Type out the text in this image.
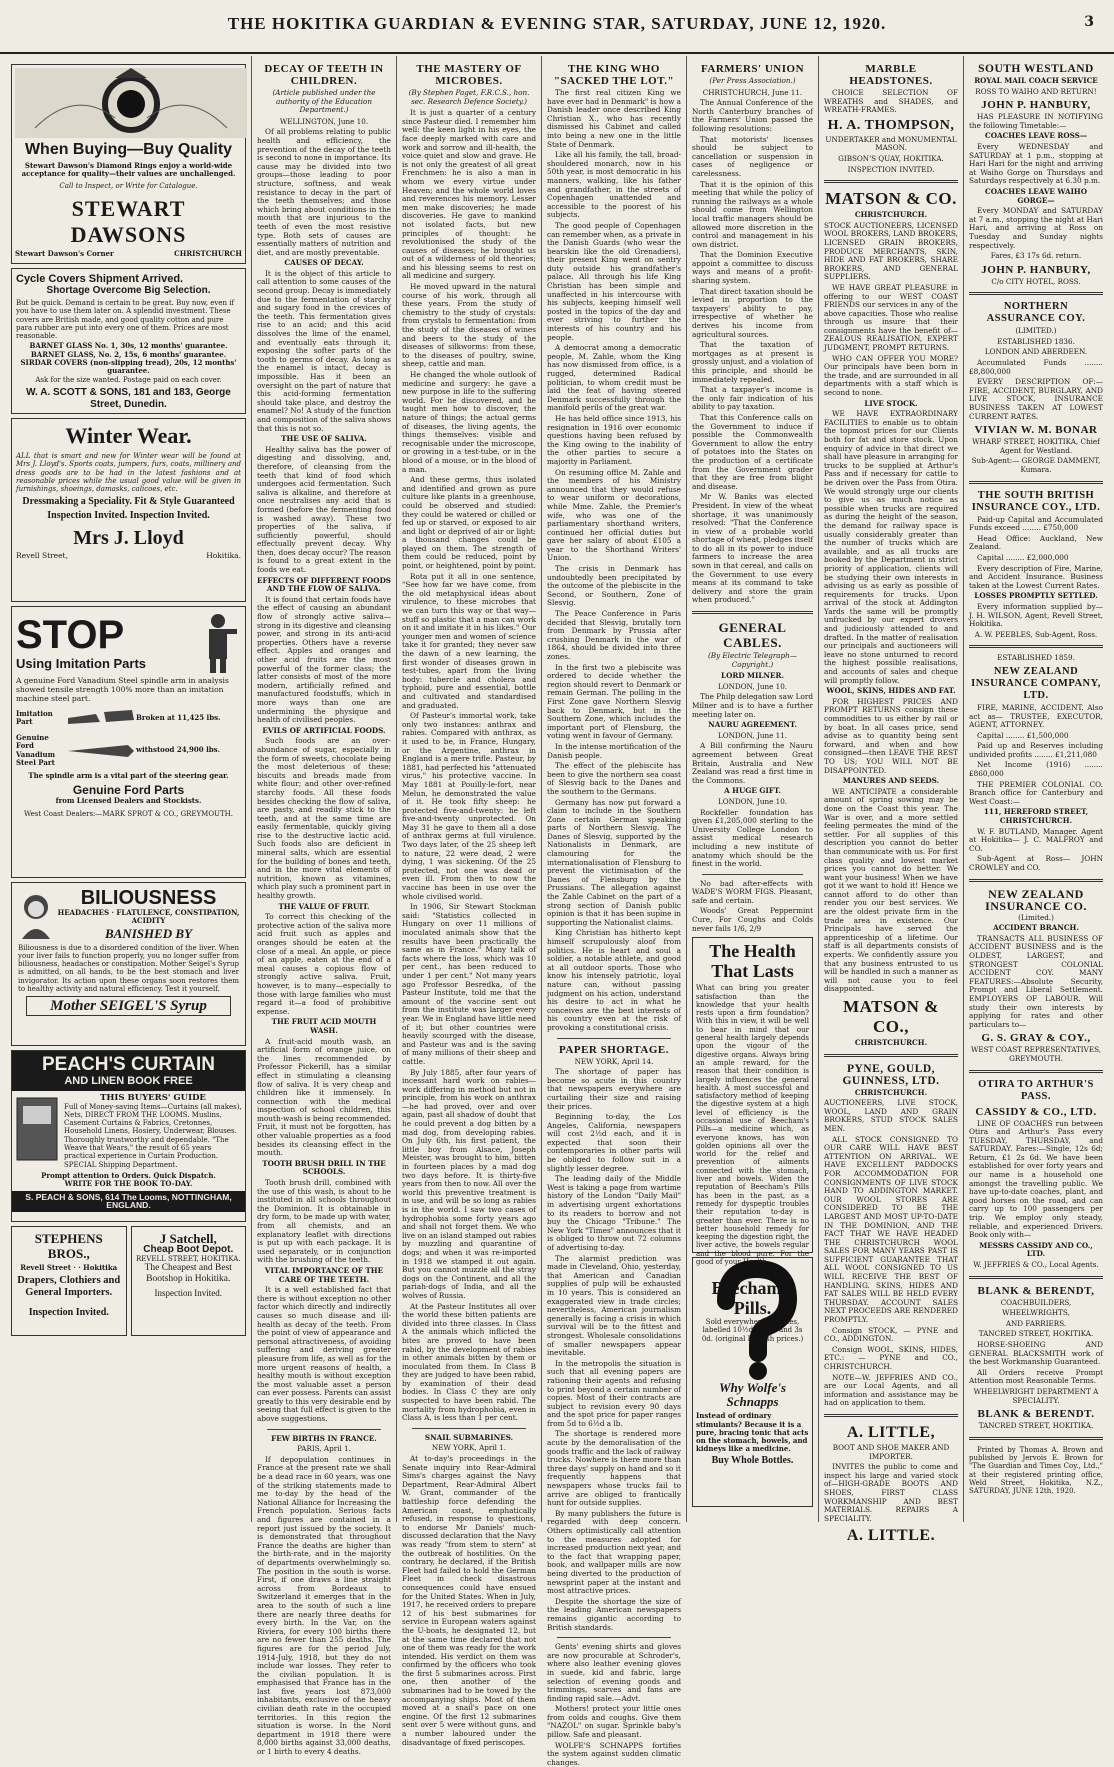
THE HOKITIKA GUARDIAN & EVENING STAR, SATURDAY, JUNE 12, 1920.	3
When Buying—Buy Quality
Stewart Dawson's Diamond Rings enjoy a world-wide acceptance for quality—their values are unchallenged.
Call to Inspect, or Write for Catalogue.
STEWART DAWSONS
Stewart Dawson's Corner	CHRISTCHURCH
Cycle Covers Shipment Arrived.
Shortage Overcome Big Selection.
But be quick. Demand is certain to be great. Buy now, even if you have to use them later on. A splendid investment. These covers are British made, and good quality cotton and pure para rubber are put into every one of them. Prices are most reasonable.
BARNET GLASS No. 1, 30s, 12 months' guarantee.
BARNET GLASS, No. 2, 15s, 6 months' guarantee.
SIRDAR COVERS (non-slipping tread), 20s, 12 months' guarantee.
Ask for the size wanted. Postage paid on each cover.
W. A. SCOTT & SONS, 181 and 183, George Street, Dunedin.
Winter Wear.
ALL that is smart and new for Winter wear will be found at Mrs J. Lloyd's. Sports coats, jumpers, furs, coats, millinery and dress goods are to be had in the latest fashions and at reasonable prices while the usual good value will be given in furnishings, shoeings, damasks, calicoes, etc.
Dressmaking a Speciality. Fit & Style Guaranteed
Inspection Invited. Inspection Invited.
Mrs J. Lloyd
Revell Street,	Hokitika.
STOP
Using Imitation Parts
A genuine Ford Vanadium Steel spindle arm in analysis showed tensile strength 100% more than an imitation machine steel part.
Imitation Part	Broken at 11,425 lbs.
Genuine Ford Vanadium Steel Part
withstood 24,900 lbs.
The spindle arm is a vital part of the steering gear.
Genuine Ford Parts
from Licensed Dealers and Stockists.
West Coast Dealers:—MARK SPROT & CO., GREYMOUTH.
BILIOUSNESS
HEADACHES · FLATULENCE, CONSTIPATION, ACIDITY
BANISHED BY
Biliousness is due to a disordered condition of the liver. When your liver fails to function properly, you no longer suffer from biliousness, headaches or constipation. Mother Seigel's Syrup is admitted, on all hands, to be the best stomach and liver invigorator. Its action upon these organs soon restores them to healthy activity and natural efficiency. Test it yourself.
Mother SEIGEL'S Syrup
PEACH'S CURTAIN
AND LINEN BOOK FREE
THIS BUYERS' GUIDE
Full of Money-saving Items—Curtains (all makes), Nets, DIRECT FROM THE LOOMS. Muslins, Casement Curtains & Fabrics, Cretonnes, Household Linens, Hosiery, Underwear, Blouses. Thoroughly trustworthy and dependable. "The Weave that Wears," the result of 65 years practical experience in Curtain Production. SPECIAL Shipping Department.
Prompt attention to Orders. Quick Dispatch.
WRITE FOR THE BOOK TO-DAY.
S. PEACH & SONS, 614 The Looms, NOTTINGHAM, ENGLAND.
STEPHENS BROS.,
Revell Street · · Hokitika
Drapers, Clothiers and General Importers.
Inspection Invited.
J Satchell,
Cheap Boot Depot.
REVELL STREET, HOKITIKA.
The Cheapest and Best Bootshop in Hokitika.
Inspection Invited.
DECAY OF TEETH IN CHILDREN.
(Article published under the authority of the Education Department.)
WELLINGTON, June 10.
Of all problems relating to public health and efficiency, the prevention of the decay of the teeth is second to none in importance. Its cause may be divided into two groups—those leading to poor structure, softness, and weak resistance to decay in the part of the teeth themselves; and those which bring about conditions in the mouth that are injurious to the teeth of even the most resistive type. Both sets of causes are essentially matters of nutrition and diet, and are mostly preventable.
CAUSES OF DECAY.
It is the object of this article to call attention to some causes of the second group. Decay is immediately due to the fermentation of starchy and sugary food in the crevices of the teeth. This fermentation gives rise to an acid; and this acid dissolves the lime of the enamel, and eventually eats through it, exposing the softer parts of the tooth to germs of decay. As long as the enamel is intact, decay is impossible. Has it been an oversight on the part of nature that this acid-forming fermentation should take place, and destroy the enamel? No! A study of the function and composition of the saliva shows that this is not so.
THE USE OF SALIVA.
Healthy saliva has the power of digesting and dissolving, and, therefore, of cleansing from the teeth that kind of food which undergoes acid fermentation. Such saliva is alkaline, and therefore at once neutralises any acid that is formed (before the fermenting food is washed away). These two properties of the saliva, if sufficiently powerful, should effectually prevent decay. Why then, does decay occur? The reason is found to a great extent in the foods we eat.
EFFECTS OF DIFFERENT FOODS AND THE FLOW OF SALIVA.
It is found that certain foods have the effect of causing an abundant flow of strongly active saliva—strong in its digestive and cleansing power, and strong in its anti-acid properties. Others have a reverse effect. Apples and oranges and other acid fruits are the most powerful of the former class; the latter consists of most of the more modern, artificially refined and manufactured foodstuffs, which in more ways than one are undermining the physique and health of civilised peoples.
EVILS OF ARTIFICIAL FOODS.
Such foods are an over-abundance of sugar, especially in the form of sweets, chocolate being the most deleterious of these; biscuits and breads made from white flour; and other over-refined starchy foods. All these foods besides checking the flow of saliva, are pasty, and readily stick to the teeth, and at the same time are easily fermentable, quickly giving rise to the destructive lactic acid. Such foods also are deficient in mineral salts, which are essential for the building of bones and teeth, and in the more vital elements of nutrition, known as vitamines, which play such a prominent part in healthy growth.
THE VALUE OF FRUIT.
To correct this checking of the protective action of the saliva more acid fruit such as apples and oranges should be eaten at the close of a meal. An apple, or piece of an apple, eaten at the end of a meal causes a copious flow of strongly active saliva. Fruit, however, is to many—especially to those with large families who must regard it—a food of prohibitive expense.
THE FRUIT ACID MOUTH WASH.
A fruit-acid mouth wash, an artificial form of orange juice, on the lines recommended by Professor Pickerill, has a similar effect in stimulating a cleansing flow of saliva. It is very cheap and children like it immensely. In connection with the medical inspection of school children, this mouth-wash is being recommended. Fruit, it must not be forgotten, has other valuable properties as a food besides its cleansing effect in the mouth.
TOOTH BRUSH DRILL IN THE SCHOOLS.
Tooth brush drill, combined with the use of this wash, is about to be instituted in all schools throughout the Dominion. It is obtainable in dry form, to be made up with water, from all chemists, and an explanatory leaflet with directions is put up with each package. It is used separately, or in conjunction with the brushing of the teeth.
VITAL IMPORTANCE OF THE CARE OF THE TEETH.
It is a well established fact that there is without exception no other factor which directly and indirectly causes so much disease and ill-health as decay of the teeth. From the point of view of appearance and personal attractiveness, of avoiding suffering and deriving greater pleasure from life, as well as for the more urgent reasons of health, a healthy mouth is without exception the most valuable asset a person can ever possess. Parents can assist greatly to this very desirable end by seeing that full effect is given to the above suggestions.
FEW BIRTHS IN FRANCE.
PARIS, April 1.
If depopulation continues in France at the present rate we shall be a dead race in 60 years, was one of the striking statements made to me to-day by the head of the National Alliance for Increasing the French population. Serious facts and figures are contained in a report just issued by the society. It is demonstrated that throughout France the deaths are higher than the birth-rate, and in the majority of departments overwhelmingly so. The position in the south is worse. First, if one draws a line straight across from Bordeaux to Switzerland it emerges that in the area to the south of such a line there are nearly three deaths for every birth. In the Var, on the Riviera, for every 100 births there are no fewer than 255 deaths. The figures are for the period July, 1914-July, 1918, but they do not include war losses. They refer to the civilian population. It is emphasised that France has in the last five years lost 873,000 inhabitants, exclusive of the heavy civilian death rate in the occupied territories. In this region the situation is worse. In the Nord department in 1918 there were 8,000 births against 33,000 deaths, or 1 birth to every 4 deaths.
THE MASTERY OF MICROBES.
(By Stephen Paget, F.R.C.S., hon. sec. Research Defence Society.)
It is just a quarter of a century since Pasteur died. I remember him well: the keen light in his eyes, the face deeply marked with care and work and sorrow and ill-health, the voice quiet and slow and grave. He is not only the greatest of all great Frenchmen: he is also a man in whom we every virtue under Heaven; and the whole world loves and reverences his memory. Lesser men make discoveries; he made discoveries. He gave to mankind not isolated facts, but new principles of thought: he revolutionised the study of the causes of diseases; he brought us out of a wilderness of old theories; and his blessing seems to rest on all medicine and surgery.
He moved upward in the natural course of his work, through all these years. From the study of chemistry to the study of crystals: from crystals to fermentation: from the study of the diseases of wines and beers to the study of the diseases of silkworms: from these, to the diseases of poultry, swine, sheep, cattle and man.
He changed the whole outlook of medicine and surgery: he gave a new purpose in life to the suffering world. For he discovered, and he taught men how to discover, the nature of things; the actual germs of diseases, the living agents, the things themselves: visible and recognisable under the microscope, or growing in a test-tube, or in the blood of a mouse, or in the blood of a man.
And these germs, thus isolated and identified and grown as pure culture like plants in a greenhouse, could be observed and studied: they could be watered or chilled or fed up or starved, or exposed to air and light or deprived of air or light: a thousand changes could be played on them. The strength of them could be reduced, point by point, or heightened, point by point.
Rota put it all in one sentence, "See how far we have come, from the old metaphysical ideas about virulence, to these microbes that we can turn this way or that way—stuff so plastic that a man can work on it and imitate it in his likes." Our younger men and women of science take it for granted; they never saw the dawn of a new learning, the first wonder of diseases grown in test-tubes, apart from the living body: tubercle and cholera and typhoid, pure and essential, bottle and cultivated and standardised and graduated.
Of Pasteur's immortal work, take only two instances: anthrax and rabies. Compared with anthrax, as it used to be, in France, Hungary, or the Argentine, anthrax in England is a mere trifle. Pasteur, by 1881, had perfected his "attenuated virus," his protective vaccine. In May 1881 at Pouilly-le-fort, near Melun, he demonstrated the value of it. He took fifty sheep: he protected five-and-twenty: he left five-and-twenty unprotected. On May 31 he gave to them all a dose of anthrax germs at full virulence. Two days later, of the 25 sheep left to nature, 22 were dead, 2 were dying, 1 was sickening. Of the 25 protected, not one was dead or even ill. From then to now the vaccine has been in use over the whole civilised world.
In 1906, Sir Stewart Stockman said: "Statistics collected in Hungary on over 11 millions of inoculated animals show that the results have been practically the same as in France." Many talk of facts where the loss, which was 10 per cent., has been reduced to under 1 per cent." Not many years ago Professor Besredka, of the Pasteur Institute, told me that the amount of the vaccine sent out from the institute was larger every year. We in England have little need of it; but other countries were heavily scourged with the disease, and Pasteur was and is the saving of many millions of their sheep and cattle.
By July 1885, after four years of incessant hard work on rabies—work differing in method but not in principle, from his work on anthrax—he had proved, over and over again, past all shadow of doubt that he could prevent a dog bitten by a mad dog, from developing rabies. On July 6th, his first patient, the little boy from Alsace, Joseph Meister, was brought to him, bitten in fourteen places by a mad dog two days before. It is thirty-five years from then to now. All over the world this preventive treatment is in use, and will be so long as rabies is in the world. I saw two cases of hydrophobia some forty years ago and shall not forget them. We who live on an island stamped out rabies by muzzling and quarantine of dogs; and when it was re-imported in 1918 we stamped it out again. But you cannot muzzle all the stray dogs on the Continent, and all the pariah-dogs of India, and all the wolves of Russia.
At the Pasteur Institutes all over the world these bitten patients are divided into three classes. In Class A the animals which inflicted the bites are proved to have been rabid, by the development of rabies in other animals bitten by them or inoculated from them. In Class B they are judged to have been rabid, by examination of their dead bodies. In Class C they are only suspected to have been rabid. The mortality from hydrophobia, even in Class A, is less than 1 per cent.
SNAIL SUBMARINES.
NEW YORK, April 1.
At to-day's proceedings in the Senate inquiry into Rear-Admiral Sims's charges against the Navy Department, Rear-Admiral Albert W. Grant, commander of the battleship force defending the American coast, emphatically refused, in response to questions, to endorse Mr Daniels' much-discussed declaration that the Navy was ready "from stem to stern" at the outbreak of hostilities. On the contrary, he declared, if the British Fleet had failed to hold the German Fleet in check disastrous consequences could have ensued for the United States. When in July, 1917, he received orders to prepare 12 of his best submarines for service in European waters against the U-boats, he designated 12, but at the same time declared that not one of them was ready for the work intended. His verdict on them was confirmed by the officers who took the first 5 submarines across. First one, then another of the submarines had to be towed by the accompanying ships. Most of them moved at a snail's pace on one engine. Of the first 12 submarines sent over 5 were without guns, and a number laboured under the disadvantage of fixed periscopes.
THE KING WHO "SACKED THE LOT."
The first real citizen King we have ever had in Denmark" is how a Danish leader once described King Christian X., who has recently dismissed his Cabinet and called into being a new one in the little State of Denmark.
Like all his family, the tall, broad-shouldered monarch, now in his 50th year, is most democratic in his manners, walking, like his father and grandfather, in the streets of Copenhagen unattended and accessible to the poorest of his subjects.
The good people of Copenhagen can remember when, as a private in the Danish Guards (who wear the bearskin like the old Grenadiers), their present King went on sentry duty outside his grandfather's palace. All through his life King Christian has been simple and unaffected in his intercourse with his subjects, keeping himself well posted in the topics of the day and ever striving to further the interests of his country and his people.
A democrat among a democratic people, M. Zahle, whom the King has now dismissed from office, is a rugged, determined Radical politician, to whom credit must be laid the feat of having steered Denmark successfully through the manifold perils of the great war.
He has held office since 1913, his resignation in 1916 over economic questions having been refused by the King owing to the inability of the other parties to secure a majority in Parliament.
On resuming office M. Zahle and the members of his Ministry announced that they would refuse to wear uniform or decorations, while Mme. Zahle, the Premier's wife, who was one of the parliamentary shorthand writers, continued her official duties but gave her salary of about £105 a year to the Shorthand Writers' Union.
The crisis in Denmark has undoubtedly been precipitated by the outcome of the plebiscite in the Second, or Southern, Zone of Slesvig.
The Peace Conference in Paris decided that Slesvig, brutally torn from Denmark by Prussia after crushing Denmark in the war of 1864, should be divided into three zones.
In the first two a plebiscite was ordered to decide whether the region should revert to Denmark or remain German. The polling in the First Zone gave Northern Slesvig back to Denmark, but in the Southern Zone, which includes the important port of Flensburg, the voting went in favour of Germany.
In the intense mortification of the Danish people.
The effect of the plebiscite has been to give the northern sea coast of Slesvig back to the Danes and the southern to the Germans.
Germany has now put forward a claim to include in the Southern Zone certain German speaking parts of Northern Slesvig. The Danes of Slesvig, supported by the Nationalists in Denmark, are clamouring for the internationalisation of Flensburg to prevent the victimisation of the Danes of Flensburg by the Prussians. The allegation against the Zahle Cabinet on the part of a strong section of Danish public opinion is that it has been supine in supporting the Nationalist claims.
King Christian has hitherto kept himself scrupulously aloof from politics. He is heart and soul a soldier, a notable athlete, and good at all outdoor sports. Those who know his intensely patriotic, loyal nature can, without passing judgment on his action, understand his desire to act in what he conceives are the best interests of his country even at the risk of provoking a constitutional crisis.
PAPER SHORTAGE.
NEW YORK, April 14.
The shortage of paper has become so acute in this country that newspapers everywhere are curtailing their size and raising their prices.
Beginning to-day, the Los Angeles, California, newspapers will cost 2½d each, and it is expected that soon their contemporaries in other parts will be obliged to follow suit in a slightly lesser degree.
The leading daily of the Middle West is taking a page from wartime history of the London "Daily Mail" in advertising urgent exhortations to its readers to borrow and not buy the Chicago "Tribune." The New York "Times" announces that it is obliged to throw out 72 columns of advertising to-day.
The alarmist prediction was made in Cleveland, Ohio, yesterday, that American and Canadian supplies of pulp will be exhausted in 10 years. This is considered an exaggerated view in trade circles; nevertheless, American journalism generally is facing a crisis in which survival will be to the fittest and strongest. Wholesale consolidations of smaller newspapers appear inevitable.
In the metropolis the situation is such that all evening papers are rationing their agents and refusing to print beyond a certain number of copies. Most of their contracts are subject to revision every 90 days and the spot price for paper ranges from 5d to 6½d a lb.
The shortage is rendered more acute by the demoralisation of the goods traffic and the lack of railway trucks. Nowhere is there more than three days' supply on hand and so it frequently happens that newspapers whose trucks fail to arrive are obliged to frantically hunt for outside supplies.
By many publishers the future is regarded with deep concern. Others optimistically call attention to the measures adopted for increased production next year, and to the fact that wrapping paper, book, and wallpaper mills are now being diverted to the production of newsprint paper at the instant and most attractive prices.
Despite the shortage the size of the leading American newspapers remains gigantic according to British standards.
Gents' evening shirts and gloves are now procurable at Schroder's, where also leather evening gloves in suede, kid and fabric, large selection of evening goods and trimmings, scarves and fans are finding rapid sale.—Advt.
Mothers! protect your little ones from colds and coughs. Give them "NAZOL" on sugar. Sprinkle baby's pillow. Safe and pleasant.
WOLFE'S SCHNAPPS fortifies the system against sudden climatic changes.
FARMERS' UNION
(Per Press Association.)
CHRISTCHURCH, June 11.
The Annual Conference of the North Canterbury branches of the Farmers' Union passed the following resolutions:
That motorists' licenses should be subject to cancellation or suspension in cases of negligence or carelessness.
That it is the opinion of this meeting that while the policy of running the railways as a whole should come from Wellington local traffic managers should be allowed more discretion in the control and management in his own district.
That the Dominion Executive appoint a committee to discuss ways and means of a profit-sharing system.
That direct taxation should be levied in proportion to the taxpayers' ability to pay, irrespective of whether he derives his income from agricultural sources.
That the taxation of mortgages as at present is grossly unjust, and a violation of this principle, and should be immediately repealed.
That a taxpayer's income is the only fair indication of his ability to pay taxation.
That this Conference calls on the Government to induce if possible the Commonwealth Government to allow the entry of potatoes into the States on the production of a certificate from the Government grader that they are free from blight and disease.
Mr W. Banks was elected President. In view of the wheat shortage, it was unanimously resolved: "That the Conference in view of a probable world shortage of wheat, pledges itself to do all in its power to induce farmers to increase the area sown in that cereal, and calls on the Government to use every means at its command to take delivery and store the grain when produced."
GENERAL CABLES.
(By Electric Telegraph—Copyright.)
LORD MILNER.
LONDON, June 10.
The Philp delegation saw Lord Milner and is to have a further meeting later on.
NAURU AGREEMENT.
LONDON, June 11.
A Bill confirming the Nauru agreement between Great Britain, Australia and New Zealand was read a first time in the Commons.
A HUGE GIFT.
LONDON, June 10.
Rockfeller foundation has given £1,205,000 sterling to the University College London to assist medical research including a new institute of anatomy which should be the finest in the world.
No bad after-effects with WADE'S WORM FIGS. Pleasant, safe and certain.
Woods' Great Peppermint Cure, For Coughs and Colds never fails 1/6, 2/9
The Health
That Lasts
What can bring you greater satisfaction than the knowledge that your health rests upon a firm foundation? With this in view, it will be well to bear in mind that our general health largely depends upon the vigour of the digestive organs. Always bring an ample reward, for the reason that their condition is largely influences the general health. A most successful and satisfactory method of keeping the digestive system at a high level of efficiency is the occasional use of Beecham's Pills—a medicine which, as everyone knows, has won golden opinions all over the world for the relief and prevention of ailments connected with the stomach, liver and bowels. Widen the reputation of Beecham's Pills has been in the past, as a remedy for dyspeptic troubles their reputation to-day is greater than ever. There is no better household remedy for keeping the digestion right, the liver active, the bowels regular and the blood pure. For the good of your Health
Take
Beecham's Pills.
Sold everywhere in boxes, labelled 10½d, 1s 3d and 3s 0d. (original English prices.)
Why Wolfe's Schnapps
Instead of ordinary stimulants? Because it is a pure, bracing tonic that acts on the stomach, bowels, and kidneys like a medicine.
Buy Whole Bottles.
MARBLE HEADSTONES.
CHOICE SELECTION OF WREATHS and SHADES, and WREATH-FRAMES.
H. A. THOMPSON,
UNDERTAKER and MONUMENTAL MASON.
GIBSON'S QUAY, HOKITIKA.
INSPECTION INVITED.
MATSON & CO.
CHRISTCHURCH.
STOCK AUCTIONEERS, LICENSED WOOL BROKERS, LAND BROKERS, LICENSED GRAIN BROKERS, PRODUCE MERCHANTS, SKIN, HIDE AND FAT BROKERS, SHARE BROKERS, AND GENERAL SUPPLIERS.
WE HAVE GREAT PLEASURE in offering to our WEST COAST FRIENDS our services in any of the above capacities. Those who realise through us insure that their consignments have the benefit of— ZEALOUS REALISATION, EXPERT JUDGMENT, PROMPT RETURNS.
WHO CAN OFFER YOU MORE? Our principals have been born in the trade, and are surrounded in all departments with a staff which is second to none.
LIVE STOCK.
WE HAVE EXTRAORDINARY FACILITIES to enable us to obtain the topmost prices for our Clients both for fat and store stock. Upon enquiry of advice in that direct we shall have pleasure in arranging for trucks to be supplied at Arthur's Pass and if necessary for cattle to be driven over the Pass from Otira. We would strongly urge our clients to give us as much notice as possible when trucks are required as during the height of the season, the demand for railway space is usually considerably greater than the number of trucks which are available, and as all trucks are booked by the Department in strict priority of application, clients will be studying their own interests in advising us as early as possible of requirements for trucks. Upon arrival of the stock at Addington Yards the same will be promptly unfrucked by our expert drovers and judiciously attended to and drafted. In the matter of realisation our principals and auctioneers will leave no stone unturned to record the highest possible realisations, and accounts of sales and cheque will promptly follow.
WOOL, SKINS, HIDES AND FAT.
FOR HIGHEST PRICES AND PROMPT RETURNS consign these commodities to us either by rail or by boat. In all cases price, send advise as to quantity being sent forward, and when and how consigned—then LEAVE THE REST TO US; YOU WILL NOT BE DISAPPOINTED.
MANURES AND SEEDS.
WE ANTICIPATE a considerable amount of spring sowing may be done on the Coast this year. The War is over, and a more settled feeling permeates the mind of the settler. For all supplies of this description you cannot do better than communicate with us. For first class quality and lowest market prices you cannot do better. We want your business! When we have got it we want to hold it! Hence we cannot afford to do other than render you our best services. We are the oldest private firm in the trade area in existence. Our Principals have served the apprenticeship of a lifetime. Our staff is all departments consists of experts. We confidently assure you that any business entrusted to us will be handled in such a manner as will not cause you to feel disappointed.
MATSON & CO.,
CHRISTCHURCH.
PYNE, GOULD, GUINNESS, LTD.
CHRISTCHURCH.
AUCTIONEERS, LIVE STOCK, WOOL, LAND AND GRAIN BROKERS, STUD STOCK SALES MEN.
ALL STOCK CONSIGNED TO OUR CARE WILL HAVE BEST ATTENTION ON ARRIVAL. WE HAVE EXCELLENT PADDOCKS FOR ACCOMMODATION FOR CONSIGNMENTS OF LIVE STOCK HAND TO ADDINGTON MARKET. OUR WOOL STORES ARE CONSIDERED TO BE THE LARGEST AND MOST UP-TO-DATE IN THE DOMINION, AND THE FACT THAT WE HAVE HEADED THE CHRISTCHURCH WOOL SALES FOR MANY YEARS PAST IS SUFFICIENT GUARANTEE THAT ALL WOOL CONSIGNED TO US WILL RECEIVE THE BEST OF HANDLING. SKINS, HIDES AND FAT SALES WILL BE HELD EVERY THURSDAY. ACCOUNT SALES NEXT PROCEEDS ARE RENDERED PROMPTLY.
Consign STOCK, — PYNE and CO., ADDINGTON.
Consign WOOL, SKINS, HIDES, ETC.: — PYNE and CO., CHRISTCHURCH.
NOTE—W. JEFFRIES AND CO., are our Local Agents, and all information and assistance may be had on application to them.
A. LITTLE,
BOOT AND SHOE MAKER AND IMPORTER.
INVITES the public to come and inspect his large and varied stock of—HIGH-GRADE BOOTS AND SHOES, FIRST CLASS WORKMANSHIP AND BEST MATERIALS. REPAIRS A SPECIALITY.
A. LITTLE.
SOUTH WESTLAND
ROYAL MAIL COACH SERVICE
ROSS TO WAIHO AND RETURN!
JOHN P. HANBURY,
HAS PLEASURE IN NOTIFYING the following Timetable:—
COACHES LEAVE ROSS—
Every WEDNESDAY and SATURDAY at 1 p.m., stopping at Hari Hari for the night and arriving at Waiho Gorge on Thursdays and Saturdays respectively at 6.30 p.m.
COACHES LEAVE WAIHO GORGE—
Every MONDAY and SATURDAY at 7 a.m., stopping the night at Hari Hari, and arriving at Ross on Tuesday and Sunday nights respectively.
Fares, £3 17s 6d. return.
JOHN P. HANBURY,
C/o CITY HOTEL, ROSS.
NORTHERN ASSURANCE COY.
(LIMITED.)
ESTABLISHED 1836.
LONDON AND ABERDEEN.
Accumulated Funds ........ £8,800,000
EVERY DESCRIPTION OF:— FIRE, ACCIDENT, BURGLARY, AND LIVE STOCK, INSURANCE BUSINESS TAKEN AT LOWEST CURRENT RATES.
VIVIAN W. M. BONAR
WHARF STREET, HOKITIKA, Chief Agent for Westland.
Sub-Agent:— GEORGE DAMMENT, Kumara.
THE SOUTH BRITISH INSURANCE COY., LTD.
Paid-up Capital and Accumulated Funds exceed ........ £750,000
Head Office: Auckland, New Zealand.
Capital ........ £2,000,000
Every description of Fire, Marine, and Accident Insurance. Business taken at the Lowest Current Rates.
LOSSES PROMPTLY SETTLED.
Every information supplied by— J. H. WILSON, Agent, Revell Street, Hokitika.
A. W. PEEBLES, Sub-Agent, Ross.
ESTABLISHED 1859.
NEW ZEALAND INSURANCE COMPANY, LTD.
FIRE, MARINE, ACCIDENT. Also act as— TRUSTEE, EXECUTOR, AGENT, ATTORNEY.
Capital ........ £1,500,000
Paid up and Reserves including undivided profits ........ £1,211,080
Net Income (1916) ........ £860,000
THE PREMIER COLONIAL CO. Branch office for Canterbury and West Coast:—
111, HEREFORD STREET, CHRISTCHURCH.
W. F. BUTLAND, Manager. Agent at Hokitika— J. C. MALFROY and CO.
Sub-Agent at Ross— JOHN CROWLEY and CO.
NEW ZEALAND INSURANCE CO.
(Limited.)
ACCIDENT BRANCH.
TRANSACTS ALL BUSINESS OF ACCIDENT BUSINESS and is the OLDEST, LARGEST, and STRONGEST COLONIAL ACCIDENT COY. MANY FEATURES:—Absolute Security, Prompt and Liberal Settlement. EMPLOYERS OF LABOUR. Will study their own interests by applying for rates and other particulars to—
G. S. GRAY & COY.,
WEST COAST REPRESENTATIVES, GREYMOUTH.
OTIRA TO ARTHUR'S PASS.
CASSIDY & CO., LTD.
LINE OF COACHES run between Otira and Arthur's Pass every TUESDAY, THURSDAY, and SATURDAY. Fares:—Single, 12s 6d; Return, £1 2s 6d. We have been established for over forty years and our name is a household one amongst the travelling public. We have up-to-date coaches, plant, and good horses on the road, and can carry up to 100 passengers per trip. We employ only steady, reliable, and experienced Drivers. Book only with—
MESSRS CASSIDY AND CO., LTD.
W. JEFFRIES & CO., Local Agents.
BLANK & BERENDT,
COACHBUILDERS,
WHEELWRIGHTS,
AND FARRIERS.
TANCRED STREET, HOKITIKA.
HORSE-SHOEING AND GENERAL BLACKSMITH work of the best Workmanship Guaranteed.
All Orders receive Prompt Attention most Reasonable Terms.
WHEELWRIGHT DEPARTMENT A SPECIALITY.
BLANK & BERENDT.
TANCRED STREET, HOKITIKA.
Printed by Thomas A. Brown and published by Jervois E. Brown for "The Guardian and Times Coy., Ltd.," at their registered printing office, Weld Street, Hokitika, N.Z., SATURDAY, JUNE 12th, 1920.
